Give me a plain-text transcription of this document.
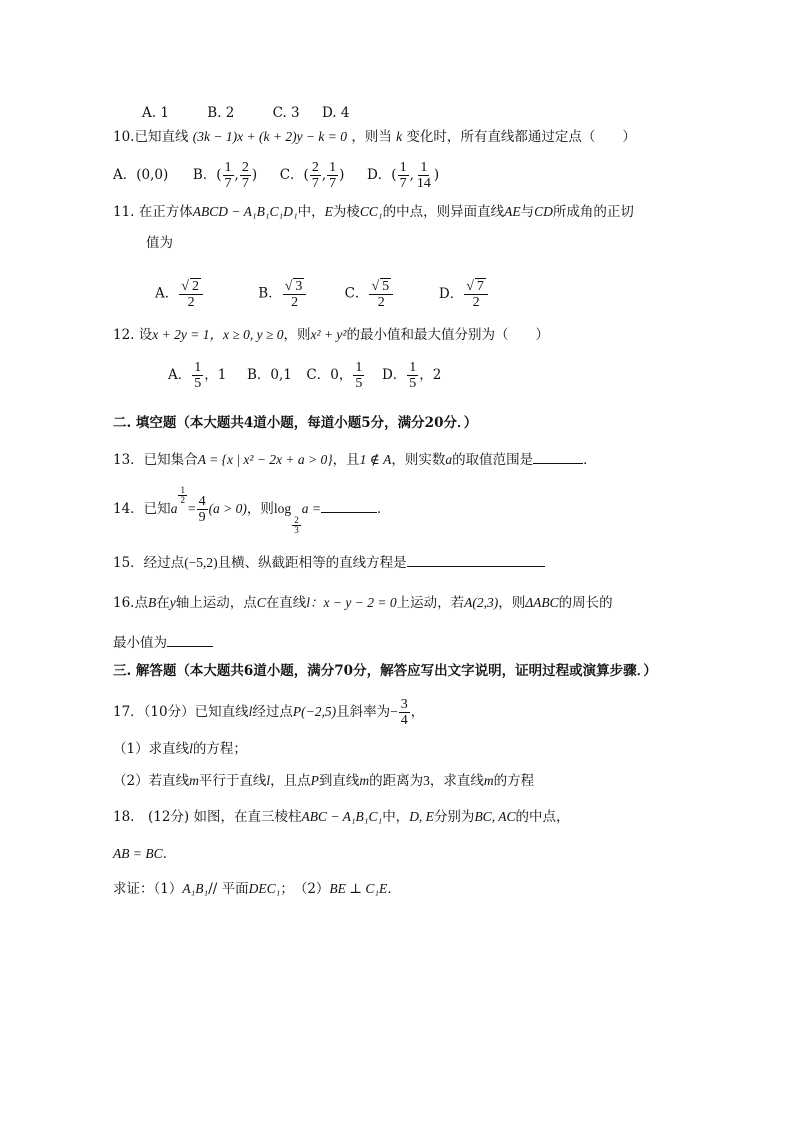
A. 1	B. 2	C. 3 D. 4
10.已知直线 (3k − 1)x + (k + 2)y − k = 0 ，则当 k 变化时，所有直线都通过定点（　　）
A．(0,0) B．( $\frac{1}{7}$ , $\frac{2}{7}$ )  C．( $\frac{2}{7}$ , $\frac{1}{7}$ )  D．( $\frac{1}{7}$ , $\frac{1}{14}$ )
11. 在正方体ABCD − A₁B₁C₁D₁中，E为棱CC₁的中点，则异面直线AE与CD所成角的正切
值为
A． $\frac{√ 2}{2}$	B． $\frac{√ 3}{2}$	C． $\frac{√ 5}{2}$	D． $\frac{√ 7}{2}$
12. 设x + 2y = 1，x ≥ 0, y ≥ 0，则x² + y²的最小值和最大值分别为（　　）
A． $\frac{1}{5}$ ，1 B．0,1 C．0， $\frac{1}{5}$ D． $\frac{1}{5}$ ，2
二. 填空题（本大题共4道小题，每道小题5分，满分20分．）
13．已知集合A = {x | x² − 2x + a > 0}，且1 ∉ A，则实数a的取值范围是	．
14．已知a
$\frac{1}{2}$
= $\frac{4}{9} (a > 0)$，则log
$\frac{2}{3}$
a =	．
15．经过点(−5,2)且横、纵截距相等的直线方程是
16.点B在y轴上运动，点C在直线l：x − y − 2 = 0上运动，若A(2,3)，则ΔABC的周长的
最小值为
三. 解答题（本大题共6道小题，满分70分，解答应写出文字说明，证明过程或演算步骤．）
17．（10分）已知直线l经过点P(−2,5)且斜率为− $\frac{3}{4}$ ，
（1）求直线l的方程；
（2）若直线m平行于直线l，且点P到直线m的距离为3，求直线m的方程
18.　(12分) 如图，在直三棱柱ABC − A₁B₁C₁中，D, E分别为BC, AC的中点，
AB = BC．
求证：（1）A₁B₁// 平面DEC₁；　（2）BE ⊥ C₁E．
